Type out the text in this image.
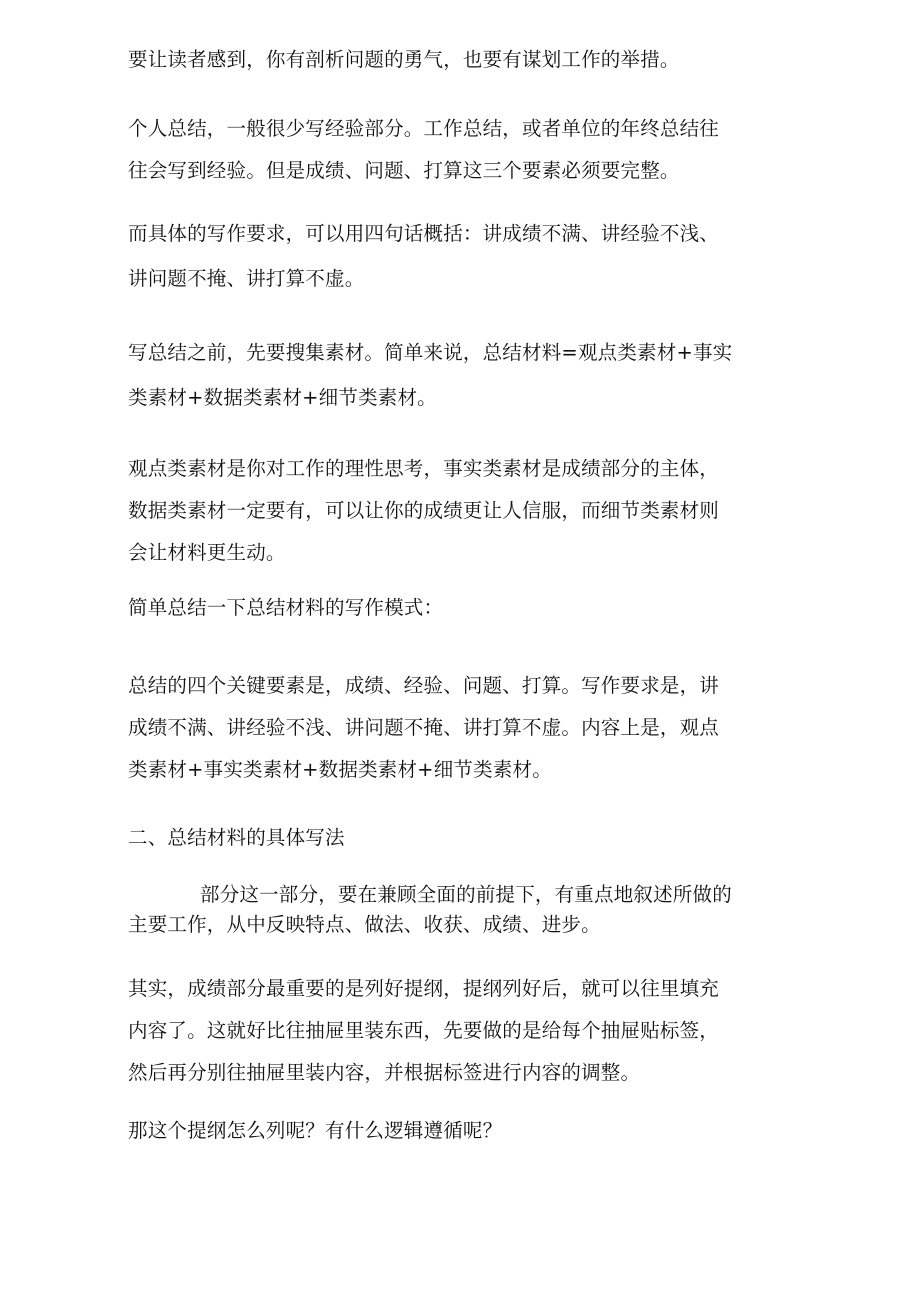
要让读者感到，你有剖析问题的勇气，也要有谋划工作的举措。

个人总结，一般很少写经验部分。工作总结，或者单位的年终总结往
往会写到经验。但是成绩、问题、打算这三个要素必须要完整。

而具体的写作要求，可以用四句话概括：讲成绩不满、讲经验不浅、
讲问题不掩、讲打算不虚。

写总结之前，先要搜集素材。简单来说，总结材料=观点类素材+事实
类素材+数据类素材+细节类素材。

观点类素材是你对工作的理性思考，事实类素材是成绩部分的主体，
数据类素材一定要有，可以让你的成绩更让人信服，而细节类素材则
会让材料更生动。

简单总结一下总结材料的写作模式：

总结的四个关键要素是，成绩、经验、问题、打算。写作要求是，讲
成绩不满、讲经验不浅、讲问题不掩、讲打算不虚。内容上是，观点
类素材+事实类素材+数据类素材+细节类素材。

二、总结材料的具体写法

部分这一部分，要在兼顾全面的前提下，有重点地叙述所做的
主要工作，从中反映特点、做法、收获、成绩、进步。

其实，成绩部分最重要的是列好提纲，提纲列好后，就可以往里填充
内容了。这就好比往抽屉里装东西，先要做的是给每个抽屉贴标签，
然后再分别往抽屉里装内容，并根据标签进行内容的调整。

那这个提纲怎么列呢？有什么逻辑遵循呢？
